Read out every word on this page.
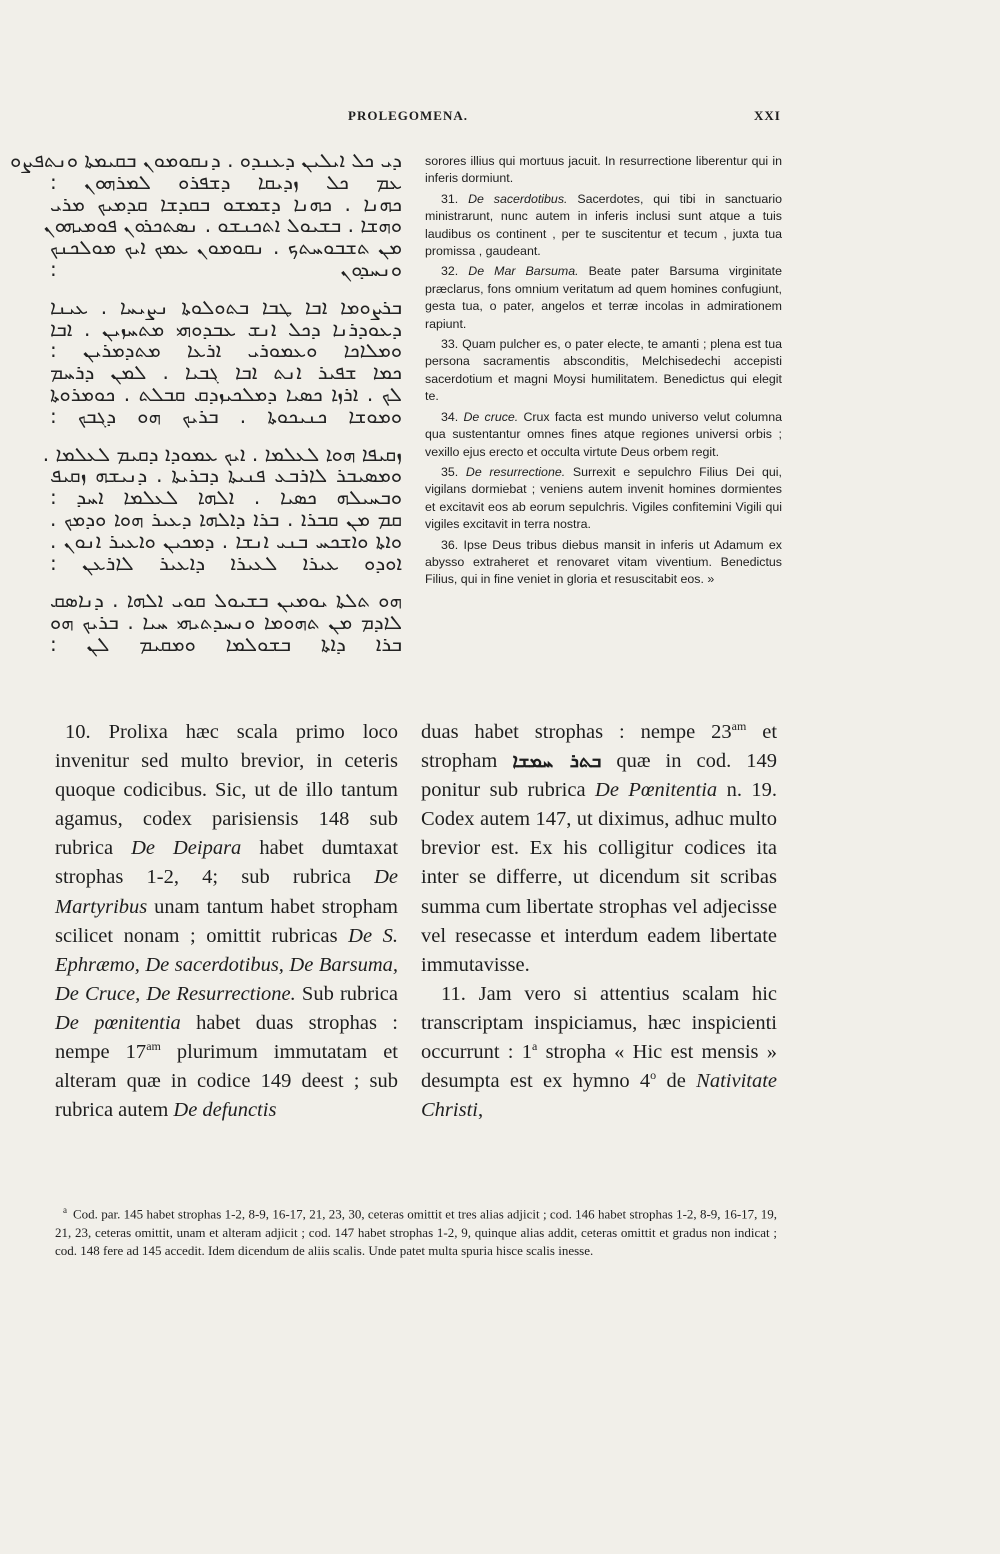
PROLEGOMENA.	XXI
ܕܝ ܟܠ ܐܝܠܝܢ ܕܥܢܕܘ . ܕܢܩܘܡܘܢ ܒܩܝܡܬܐ ܘܢܬܦܨܘ
ܥܡ ܟܠ ܙܕܝܩܐ ܕܫܦܪܘ ܠܡܪܗܘܢ :
ܟܗܢܐ . ܟܗܢܐ ܕܫܡܫܘ ܒܩܕܫܐ ܩܕܡܝܟ ܡܪܝ
ܘܗܫܐ . ܒܫܝܘܠ ܐܬܟܢܫܘ . ܢܣܬܟܪܘܢ ܦܘܡܝܗܘܢ
ܡܢ ܬܫܒܘܚܬܟ . ܢܩܘܡܘܢ ܥܡܟ ܐܝܟ ܡܘܠܟܢܟ
ܘܢܚܕܘܢ :
ܒܪܨܘܡܐ ܐܒܐ ܛܒܐ ܒܬܘܠܘܬܐ ܢܨܝܚܐ . ܥܝܢܐ
ܕܥܘܕܪܢܐ ܕܟܠ ܐܢܫ ܥܒܕܘܗܝ ܡܬܚܙܝܢ . ܐܒܐ
ܘܡܠܐܟܐ ܘܥܡܘܪܝ ܐܪܥܐ ܡܬܕܡܪܝܢ :
ܟܡܐ ܫܦܝܪ ܐܢܬ ܐܒܐ ܓܒܝܐ . ܠܡܢ ܕܪܚܡ
ܠܟ . ܐܪܙܐ ܟܣܝܐ ܕܡܠܟܝܙܕܩ ܩܒܠܬ . ܟܘܡܪܘܬܐ
ܘܡܘܫܐ ܟܢܝܟܘܬܐ . ܒܪܝܟ ܗܘ ܕܓܒܟ :
ܙܩܝܦܐ ܗܘܐ ܠܥܠܡܐ . ܐܝܟ ܥܡܘܕܐ ܕܩܝܡ ܠܥܠܡܐ .
ܘܡܣܝܒܪ ܠܐܪܒܥ ܦܢܝܬܐ ܕܒܪܝܬܐ . ܕܢܝܫܗ ܙܩܝܦ
ܘܒܚܝܠܗ ܟܣܝܐ . ܐܠܗܐ ܠܥܠܡܐ ܐܚܕ :
ܩܡ ܡܢ ܩܒܪܐ . ܒܪܐ ܕܐܠܗܐ ܕܥܝܪ ܗܘܐ ܘܕܡܟ .
ܘܐܬܐ ܘܐܫܟܚ ܒܢܝ ܐܢܫܐ . ܕܡܟܝܢ ܘܐܥܝܪ ܐܢܘܢ .
ܐܘܕܘ ܥܝܪܐ ܠܥܝܪܐ ܕܐܥܝܪ ܠܐܪܥܢ :
ܗܘ ܬܠܬܐ ܝܘܡܝܢ ܒܫܝܘܠ ܩܘܝ ܐܠܗܐ . ܕܢܐܣܩ
ܠܐܕܡ ܡܢ ܬܗܘܡܐ ܘܢܚܕܬܝܗܝ ܚܝܐ . ܒܪܝܟ ܗܘ
ܒܪܐ ܕܐܬܐ ܒܫܘܠܡܐ ܘܡܩܝܡ ܠܢ :

sorores illius qui mortuus jacuit. In resurrectione liberentur qui in inferis dormiunt.

31. De sacerdotibus. Sacerdotes, qui tibi in sanctuario ministrarunt, nunc autem in inferis inclusi sunt atque a tuis laudibus os continent , per te suscitentur et tecum , juxta tua promissa , gaudeant.

32. De Mar Barsuma. Beate pater Barsuma virginitate præclarus, fons omnium veritatum ad quem homines confugiunt, gesta tua, o pater, angelos et terræ incolas in admirationem rapiunt.

33. Quam pulcher es, o pater electe, te amanti ; plena est tua persona sacramentis absconditis, Melchisedechi accepisti sacerdotium et magni Moysi humilitatem. Benedictus qui elegit te.

34. De cruce. Crux facta est mundo universo velut columna qua sustentantur omnes fines atque regiones universi orbis ; vexillo ejus erecto et occulta virtute Deus orbem regit.

35. De resurrectione. Surrexit e sepulchro Filius Dei qui, vigilans dormiebat ; veniens autem invenit homines dormientes et excitavit eos ab eorum sepulchris. Vigiles confitemini Vigili qui vigiles excitavit in terra nostra.

36. Ipse Deus tribus diebus mansit in inferis ut Adamum ex abysso extraheret et renovaret vitam viventium. Benedictus Filius, qui in fine veniet in gloria et resuscitabit eos. »

10. Prolixa hæc scala primo loco invenitur sed multo brevior, in ceteris quoque codicibus. Sic, ut de illo tantum agamus, codex parisiensis 148 sub rubrica De Deipara habet dumtaxat strophas 1-2, 4; sub rubrica De Martyribus unam tantum habet stropham scilicet nonam ; omittit rubricas De S. Ephræmo, De sacerdotibus, De Barsuma, De Cruce, De Resurrectione. Sub rubrica De pœnitentia habet duas strophas : nempe $17^{am}$ plurimum immutatam et alteram quæ in codice 149 deest ; sub rubrica autem De defunctis

duas habet strophas : nempe $23^{am}$ et stropham ܒܬܪ ܚܡܫܐ quæ in cod. 149 ponitur sub rubrica De Pœnitentia n. 19. Codex autem 147, ut diximus, adhuc multo brevior est. Ex his colligitur codices ita inter se differre, ut dicendum sit scribas summa cum libertate strophas vel adjecisse vel resecasse et interdum eadem libertate immutavisse.

11. Jam vero si attentius scalam hic transcriptam inspiciamus, hæc inspicienti occurrunt : 1$^a$ stropha « Hic est mensis » desumpta est ex hymno 4$^o$ de Nativitate Christi,

$^a$ Cod. par. 145 habet strophas 1-2, 8-9, 16-17, 21, 23, 30, ceteras omittit et tres alias adjicit ; cod. 146 habet strophas 1-2, 8-9, 16-17, 19, 21, 23, ceteras omittit, unam et alteram adjicit ; cod. 147 habet strophas 1-2, 9, quinque alias addit, ceteras omittit et gradus non indicat ; cod. 148 fere ad 145 accedit. Idem dicendum de aliis scalis. Unde patet multa spuria hisce scalis inesse.
